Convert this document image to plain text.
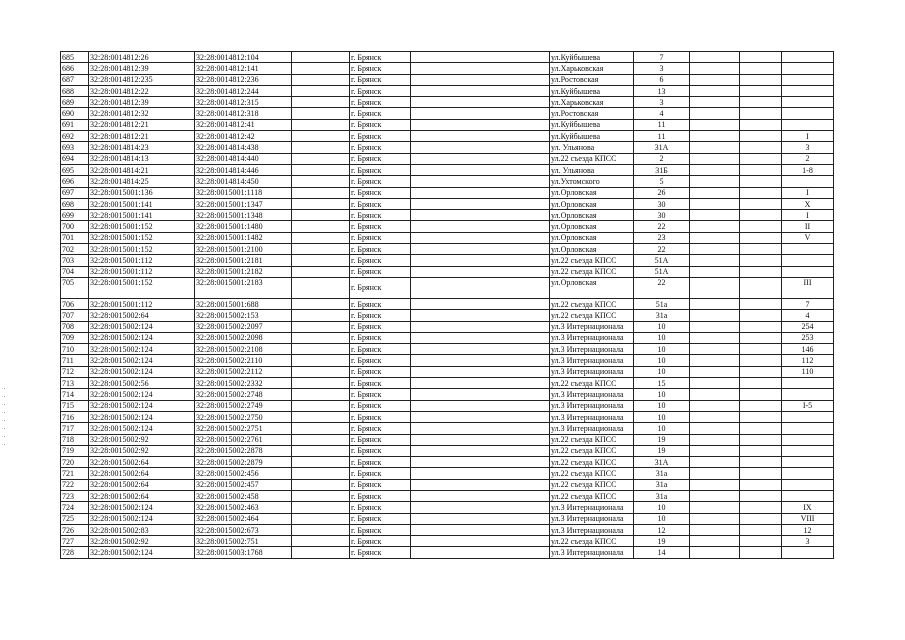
685	32:28:0014812:26	32:28:0014812:104		г. Брянск		ул.Куйбышева	7			
686	32:28:0014812:39	32:28:0014812:141		г. Брянск		ул.Харьковская	3			
687	32:28:0014812:235	32:28:0014812:236		г. Брянск		ул.Ростовская	6			
688	32:28:0014812:22	32:28:0014812:244		г. Брянск		ул.Куйбышева	13			
689	32:28:0014812:39	32:28:0014812:315		г. Брянск		ул.Харьковская	3			
690	32:28:0014812:32	32:28:0014812:318		г. Брянск		ул.Ростовская	4			
691	32:28:0014812:21	32:28:0014812:41		г. Брянск		ул.Куйбышева	11			
692	32:28:0014812:21	32:28:0014812:42		г. Брянск		ул.Куйбышева	11			I
693	32:28:0014814:23	32:28:0014814:438		г. Брянск		ул. Ульянова	31А			3
694	32:28:0014814:13	32:28:0014814:440		г. Брянск		ул.22 съезда КПСС	2			2
695	32:28:0014814:21	32:28:0014814:446		г. Брянск		ул. Ульянова	31Б			1-8
696	32:28:0014814:25	32:28:0014814:450		г. Брянск		ул.Ухтомского	5			
697	32:28:0015001:136	32:28:0015001:1118		г. Брянск		ул.Орловская	26			I
698	32:28:0015001:141	32:28:0015001:1347		г. Брянск		ул.Орловская	30			X
699	32:28:0015001:141	32:28:0015001:1348		г. Брянск		ул.Орловская	30			I
700	32:28:0015001:152	32:28:0015001:1480		г. Брянск		ул.Орловская	22			II
701	32:28:0015001:152	32:28:0015001:1482		г. Брянск		ул.Орловская	23			V
702	32:28:0015001:152	32:28:0015001:2100		г. Брянск		ул.Орловская	22			
703	32:28:0015001:112	32:28:0015001:2181		г. Брянск		ул.22 съезда КПСС	51А			
704	32:28:0015001:112	32:28:0015001:2182		г. Брянск		ул.22 съезда КПСС	51А			
705	32:28:0015001:152	32:28:0015001:2183		г. Брянск		ул.Орловская	22			III
706	32:28:0015001:112	32:28:0015001:688		г. Брянск		ул.22 съезда КПСС	51а			7
707	32:28:0015002:64	32:28:0015002:153		г. Брянск		ул.22 съезда КПСС	31а			4
708	32:28:0015002:124	32:28:0015002:2097		г. Брянск		ул.3 Интернационала	10			254
709	32:28:0015002:124	32:28:0015002:2098		г. Брянск		ул.3 Интернационала	10			253
710	32:28:0015002:124	32:28:0015002:2108		г. Брянск		ул.3 Интернационала	10			146
711	32:28:0015002:124	32:28:0015002:2110		г. Брянск		ул.3 Интернационала	10			112
712	32:28:0015002:124	32:28:0015002:2112		г. Брянск		ул.3 Интернационала	10			110
713	32:28:0015002:56	32:28:0015002:2332		г. Брянск		ул.22 съезда КПСС	15			
714	32:28:0015002:124	32:28:0015002:2748		г. Брянск		ул.3 Интернационала	10			
715	32:28:0015002:124	32:28:0015002:2749		г. Брянск		ул.3 Интернационала	10			I-5
716	32:28:0015002:124	32:28:0015002:2750		г. Брянск		ул.3 Интернационала	10			
717	32:28:0015002:124	32:28:0015002:2751		г. Брянск		ул.3 Интернационала	10			
718	32:28:0015002:92	32:28:0015002:2761		г. Брянск		ул.22 съезда КПСС	19			
719	32:28:0015002:92	32:28:0015002:2878		г. Брянск		ул.22 съезда КПСС	19			
720	32:28:0015002:64	32:28:0015002:2879		г. Брянск		ул.22 съезда КПСС	31А			
721	32:28:0015002:64	32:28:0015002:456		г. Брянск		ул.22 съезда КПСС	31а			
722	32:28:0015002:64	32:28:0015002:457		г. Брянск		ул.22 съезда КПСС	31а			
723	32:28:0015002:64	32:28:0015002:458		г. Брянск		ул.22 съезда КПСС	31а			
724	32:28:0015002:124	32:28:0015002:463		г. Брянск		ул.3 Интернационала	10			IX
725	32:28:0015002:124	32:28:0015002:464		г. Брянск		ул.3 Интернационала	10			VIII
726	32:28:0015002:83	32:28:0015002:673		г. Брянск		ул.3 Интернационала	12			12
727	32:28:0015002:92	32:28:0015002:751		г. Брянск		ул.22 съезда КПСС	19			3
728	32:28:0015002:124	32:28:0015003:1768		г. Брянск		ул.3 Интернационала	14			
